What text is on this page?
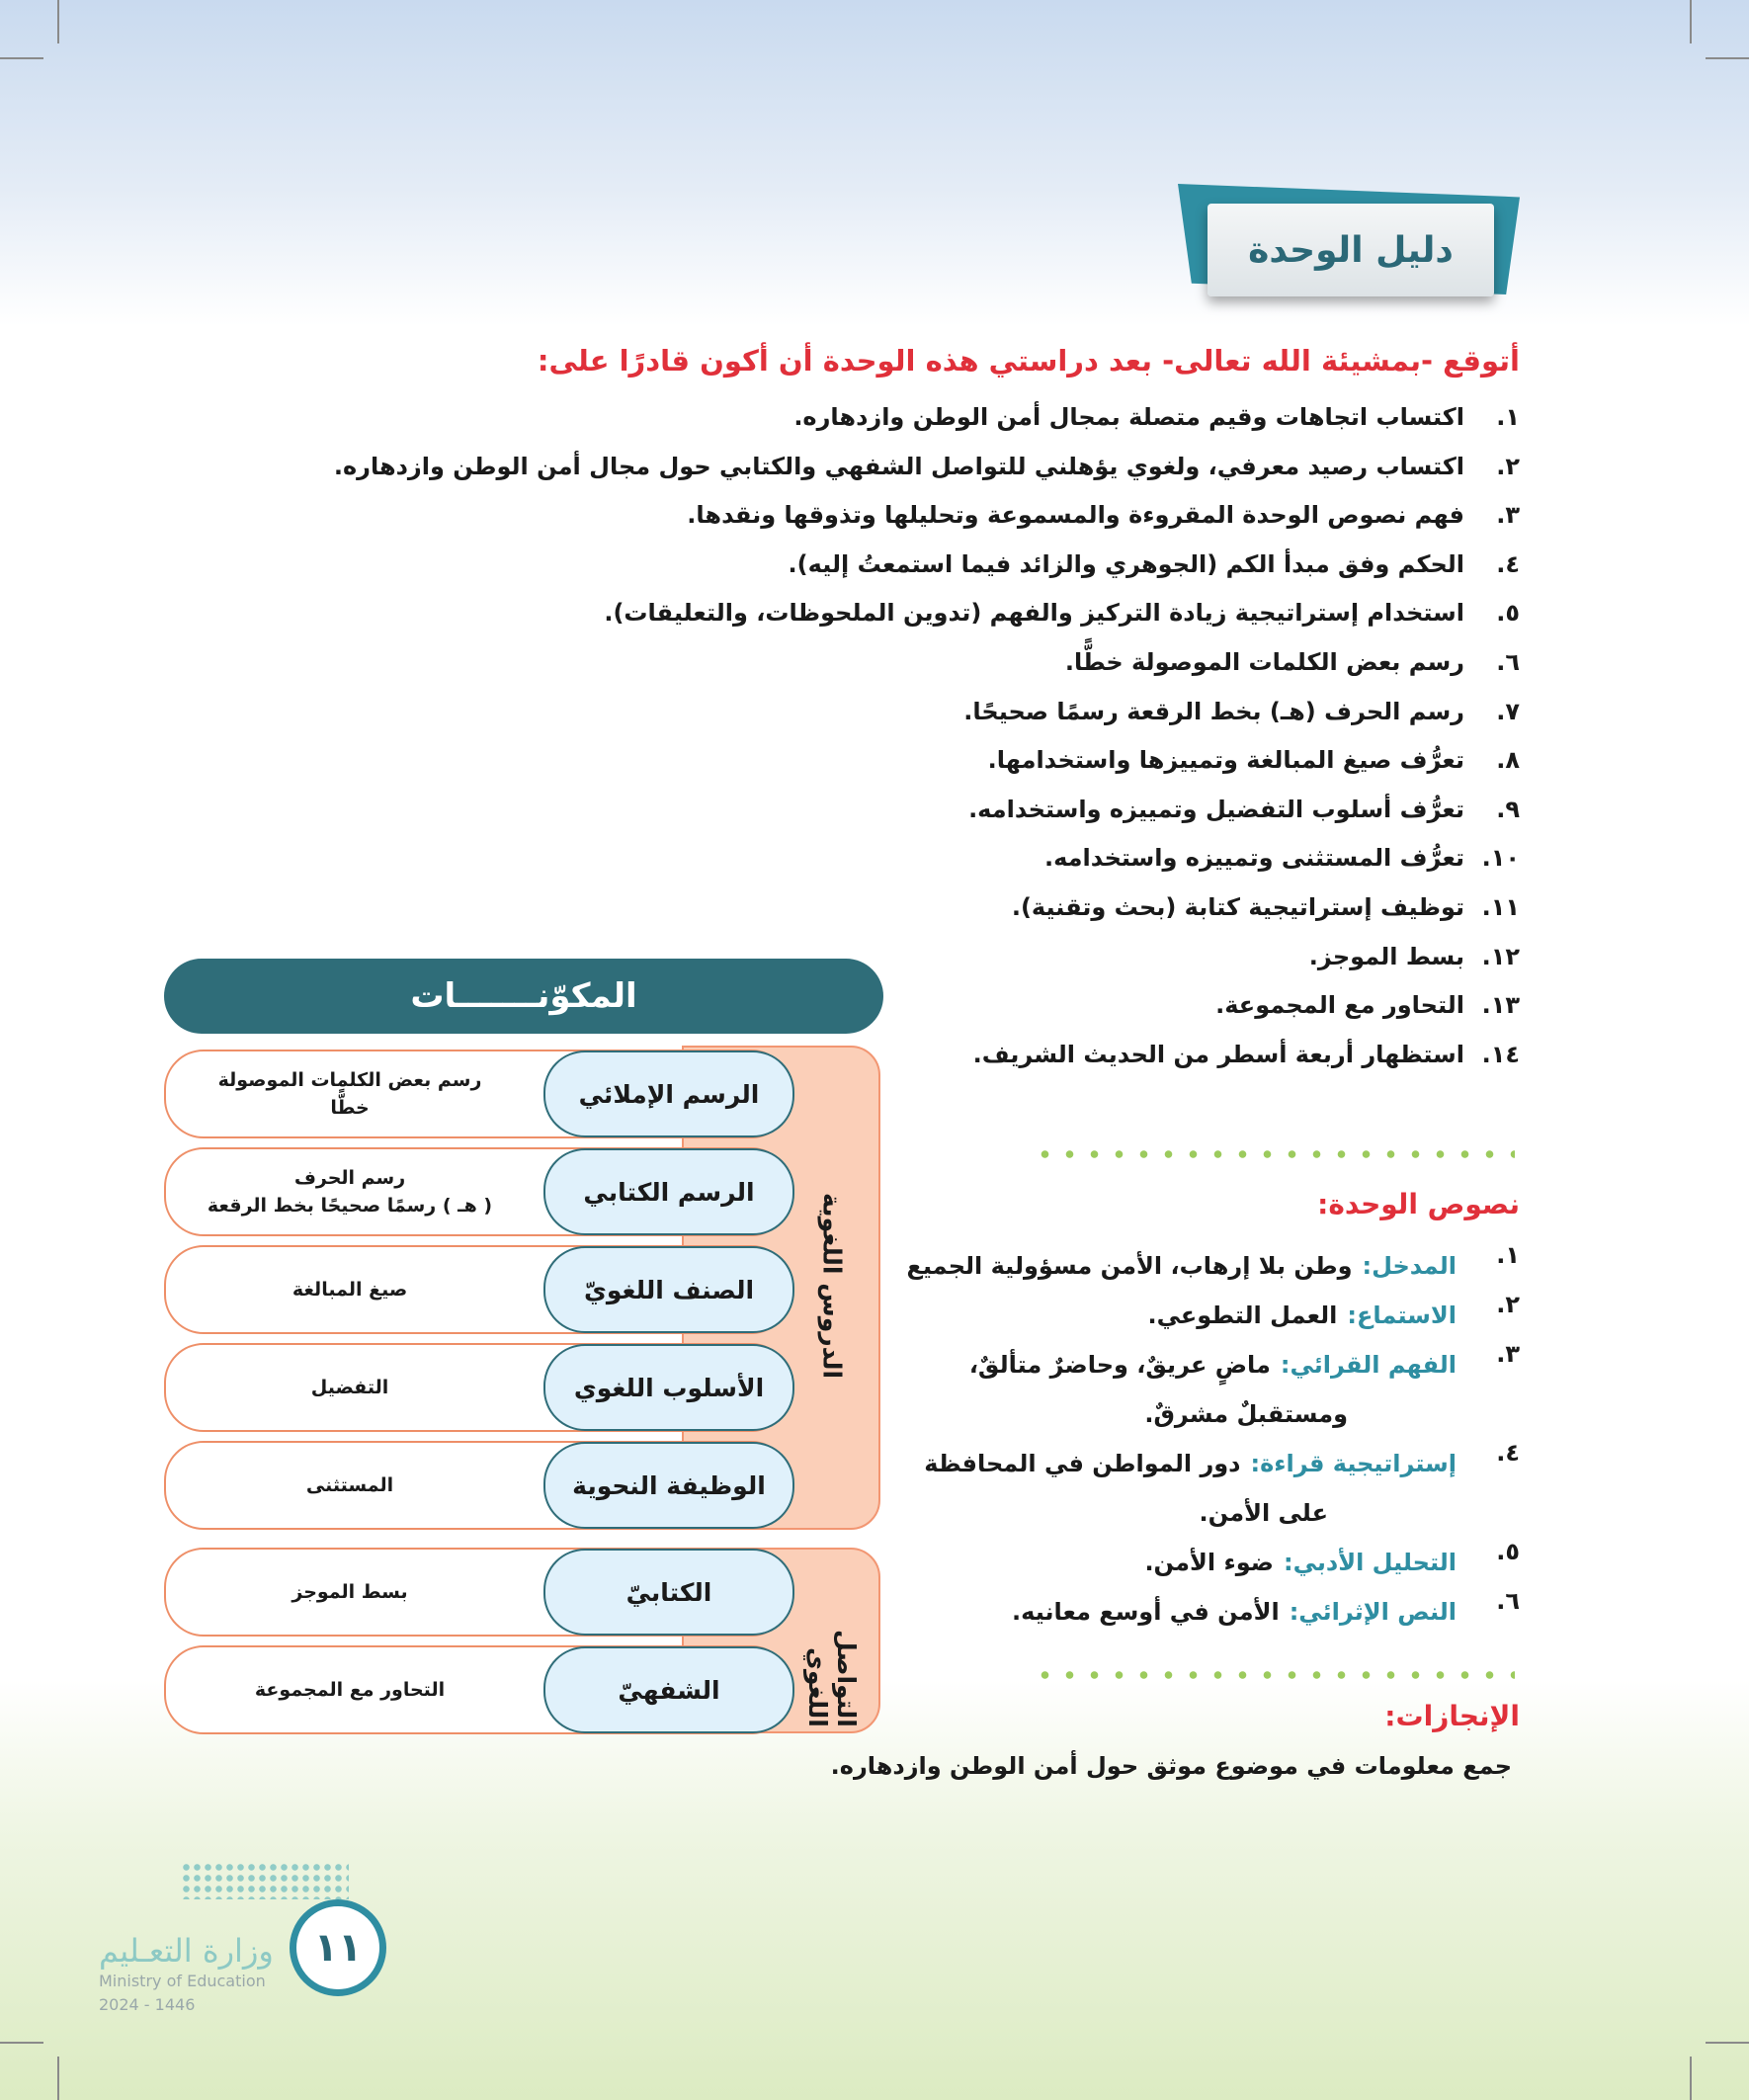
دليل الوحدة
أتوقع -بمشيئة الله تعالى- بعد دراستي هذه الوحدة أن أكون قادرًا على:
١.
اكتساب اتجاهات وقيم متصلة بمجال أمن الوطن وازدهاره.
٢.
اكتساب رصيد معرفي، ولغوي يؤهلني للتواصل الشفهي والكتابي حول مجال أمن الوطن وازدهاره.
٣.
فهم نصوص الوحدة المقروءة والمسموعة وتحليلها وتذوقها ونقدها.
٤.
الحكم وفق مبدأ الكم (الجوهري والزائد فيما استمعتُ إليه).
٥.
استخدام إستراتيجية زيادة التركيز والفهم (تدوين الملحوظات، والتعليقات).
٦.
رسم بعض الكلمات الموصولة خطًّا.
٧.
رسم الحرف (هـ) بخط الرقعة رسمًا صحيحًا.
٨.
تعرُّف صيغ المبالغة وتمييزها واستخدامها.
٩.
تعرُّف أسلوب التفضيل وتمييزه واستخدامه.
١٠.
تعرُّف المستثنى وتمييزه واستخدامه.
١١.
توظيف إستراتيجية كتابة (بحث وتقنية).
١٢.
بسط الموجز.
١٣.
التحاور مع المجموعة.
١٤.
استظهار أربعة أسطر من الحديث الشريف.
المكوّنـــــــات
الدروس اللغوية
التواصل اللغوي
رسم بعض الكلمات الموصولة
خطًّا	الرسم الإملائي
رسم الحرف
( هـ ) رسمًا صحيحًا بخط الرقعة	الرسم الكتابي
صيغ المبالغة	الصنف اللغويّ
التفضيل	الأسلوب اللغوي
المستثنى	الوظيفة النحوية
بسط الموجز	الكتابيّ
التحاور مع المجموعة	الشفهيّ
نصوص الوحدة:
١.
المدخل:وطن بلا إرهاب، الأمن مسؤولية الجميع
٢.
الاستماع:العمل التطوعي.
٣.
الفهم القرائي:ماضٍ عريقٌ، وحاضرٌ متألقٌ،
ومستقبلٌ مشرقٌ.
٤.
إستراتيجية قراءة:دور المواطن في المحافظة
على الأمن.
٥.
التحليل الأدبي:ضوء الأمن.
٦.
النص الإثرائي:الأمن في أوسع معانيه.
الإنجازات:
جمع معلومات في موضوع موثق حول أمن الوطن وازدهاره.
١١
وزارة التعـليم
Ministry of Education
2024 - 1446
